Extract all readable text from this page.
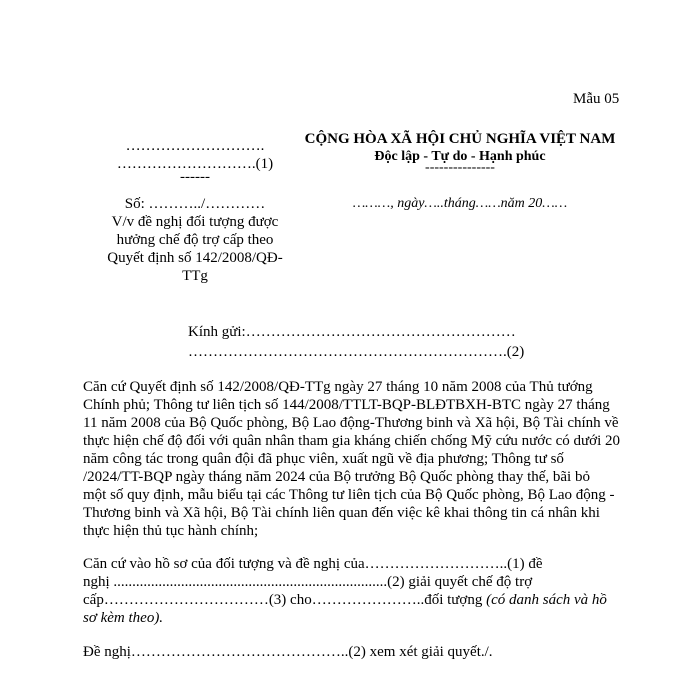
Mẫu 05
……………………….
……………………….(1)
------
Số: ………../…………
V/v đề nghị đối tượng được
hưởng chế độ trợ cấp theo
Quyết định số 142/2008/QĐ-
TTg
CỘNG HÒA XÃ HỘI CHỦ NGHĨA VIỆT NAM
Độc lập - Tự do - Hạnh phúc
---------------
………, ngày…..tháng……năm 20……
Kính gửi:………………………………………………
……………………………………………………….(2)
Căn cứ Quyết định số 142/2008/QĐ-TTg ngày 27 tháng 10 năm 2008 của Thủ tướng
Chính phủ; Thông tư liên tịch số 144/2008/TTLT-BQP-BLĐTBXH-BTC ngày 27 tháng
11 năm 2008 của Bộ Quốc phòng, Bộ Lao động-Thương binh và Xã hội, Bộ Tài chính về
thực hiện chế độ đối với quân nhân tham gia kháng chiến chống Mỹ cứu nước có dưới 20
năm công tác trong quân đội đã phục viên, xuất ngũ về địa phương; Thông tư số
/2024/TT-BQP ngày tháng năm 2024 của Bộ trưởng Bộ Quốc phòng thay thế, bãi bỏ
một số quy định, mẫu biểu tại các Thông tư liên tịch của Bộ Quốc phòng, Bộ Lao động -
Thương binh và Xã hội, Bộ Tài chính liên quan đến việc kê khai thông tin cá nhân khi
thực hiện thủ tục hành chính;
Căn cứ vào hồ sơ của đối tượng và đề nghị của………………………..(1) đề
nghị .........................................................................(2) giải quyết chế độ trợ
cấp……………………………(3) cho…………………..đối tượng (có danh sách và hồ
sơ kèm theo).
Đề nghị……………………………………..(2) xem xét giải quyết./.
